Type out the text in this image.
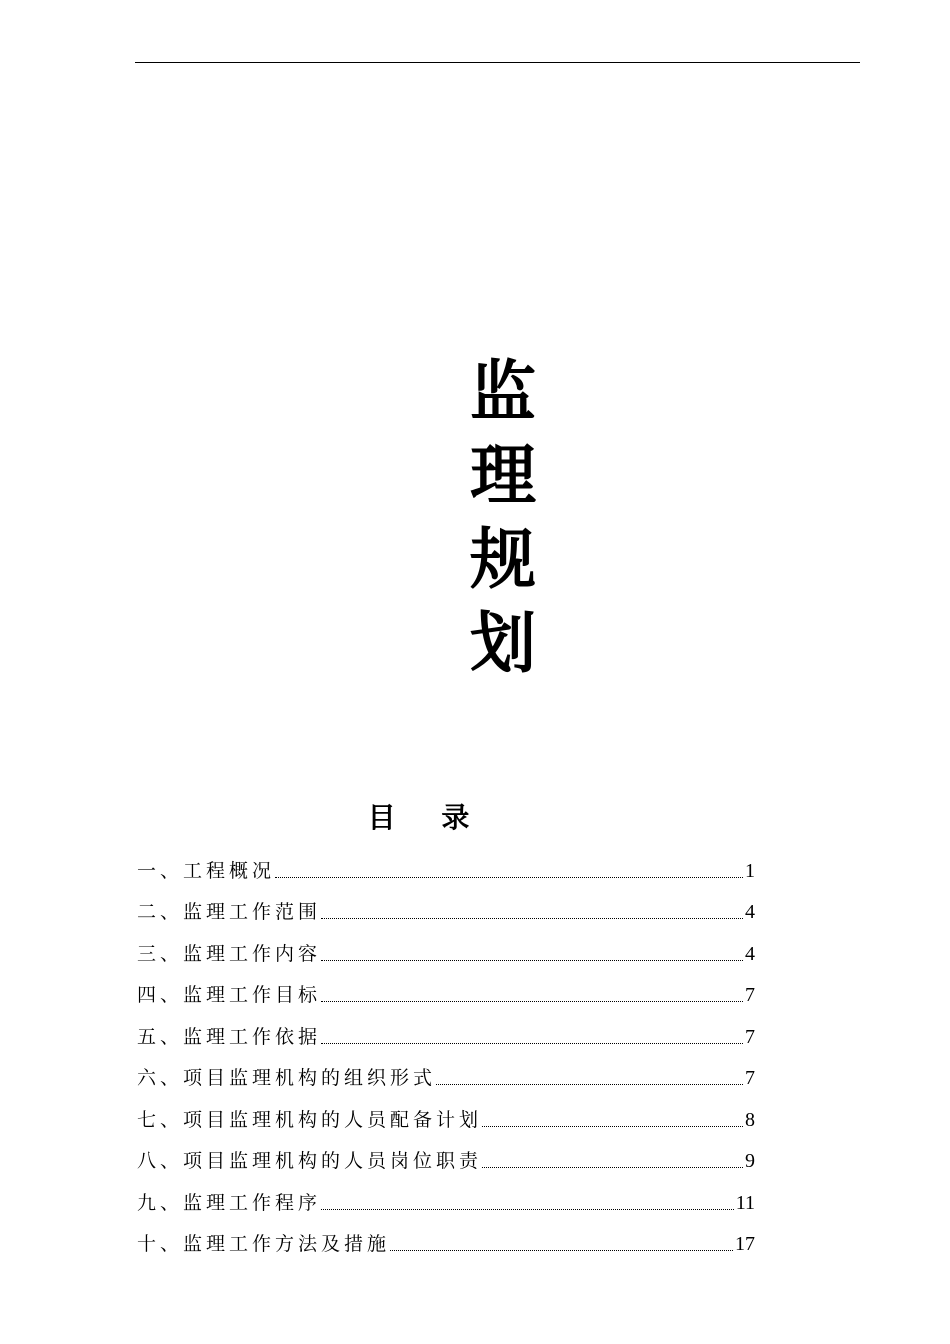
监
理
规
划
目 录
一、工程概况	1
二、监理工作范围	4
三、监理工作内容	4
四、监理工作目标	7
五、监理工作依据	7
六、项目监理机构的组织形式	7
七、项目监理机构的人员配备计划	8
八、项目监理机构的人员岗位职责	9
九、监理工作程序	11
十、监理工作方法及措施	17
